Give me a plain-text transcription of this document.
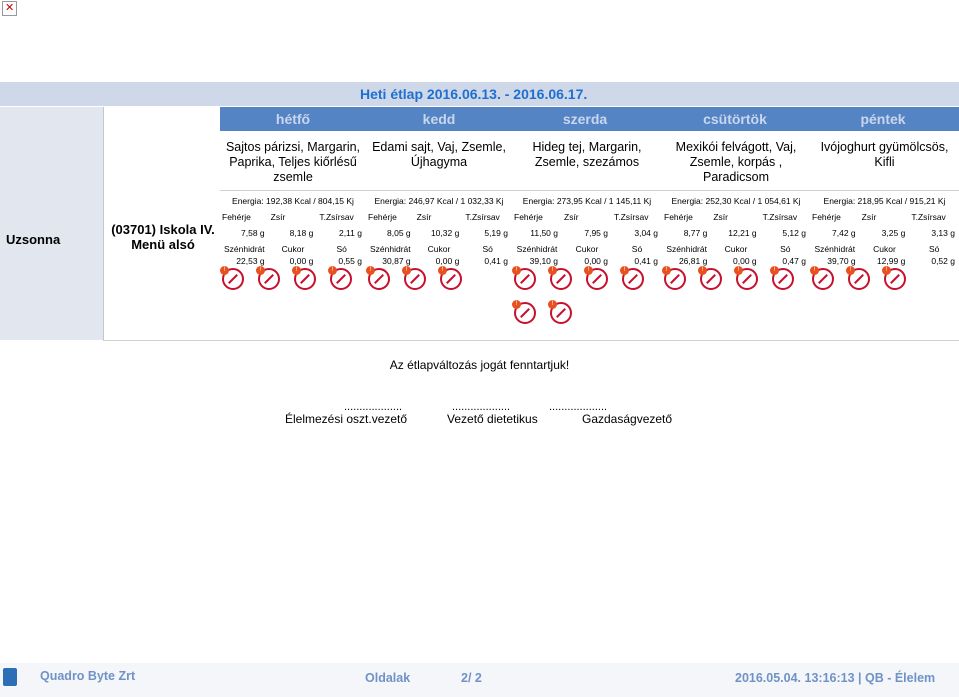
✕
Heti étlap 2016.06.13. - 2016.06.17.
hétfő	kedd	szerda	csütörtök	péntek
Uzsonna
(03701) Iskola IV. Menü alsó
Sajtos párizsi, Margarin, Paprika, Teljes kiőrlésű zsemle
Energia: 192,38 Kcal / 804,15 Kj
Fehérje
7,58 g
Zsír
8,18 g
T.Zsírsav
2,11 g
Szénhidrát
22,53 g
Cukor
0,00 g
Só
0,55 g
!	!	!	!
Edami sajt, Vaj, Zsemle, Újhagyma
Energia: 246,97 Kcal / 1 032,33 Kj
Fehérje
8,05 g
Zsír
10,32 g
T.Zsírsav
5,19 g
Szénhidrát
30,87 g
Cukor
0,00 g
Só
0,41 g
!	!	!
Hideg tej, Margarin, Zsemle, szezámos
Energia: 273,95 Kcal / 1 145,11 Kj
Fehérje
11,50 g
Zsír
7,95 g
T.Zsírsav
3,04 g
Szénhidrát
39,10 g
Cukor
0,00 g
Só
0,41 g
!	!	!	!
!	!
Mexikói felvágott, Vaj, Zsemle, korpás , Paradicsom
Energia: 252,30 Kcal / 1 054,61 Kj
Fehérje
8,77 g
Zsír
12,21 g
T.Zsírsav
5,12 g
Szénhidrát
26,81 g
Cukor
0,00 g
Só
0,47 g
!	!	!	!
Ivójoghurt gyümölcsös, Kifli
Energia: 218,95 Kcal / 915,21 Kj
Fehérje
7,42 g
Zsír
3,25 g
T.Zsírsav
3,13 g
Szénhidrát
39,70 g
Cukor
12,99 g
Só
0,52 g
!	!	!
Az étlapváltozás jogát fenntartjuk!
...................	...................	...................
Élelmezési oszt.vezető	Vezető dietetikus	Gazdaságvezető
Quadro Byte Zrt	Oldalak	2/ 2	2016.05.04. 13:16:13 | QB - Élelem
